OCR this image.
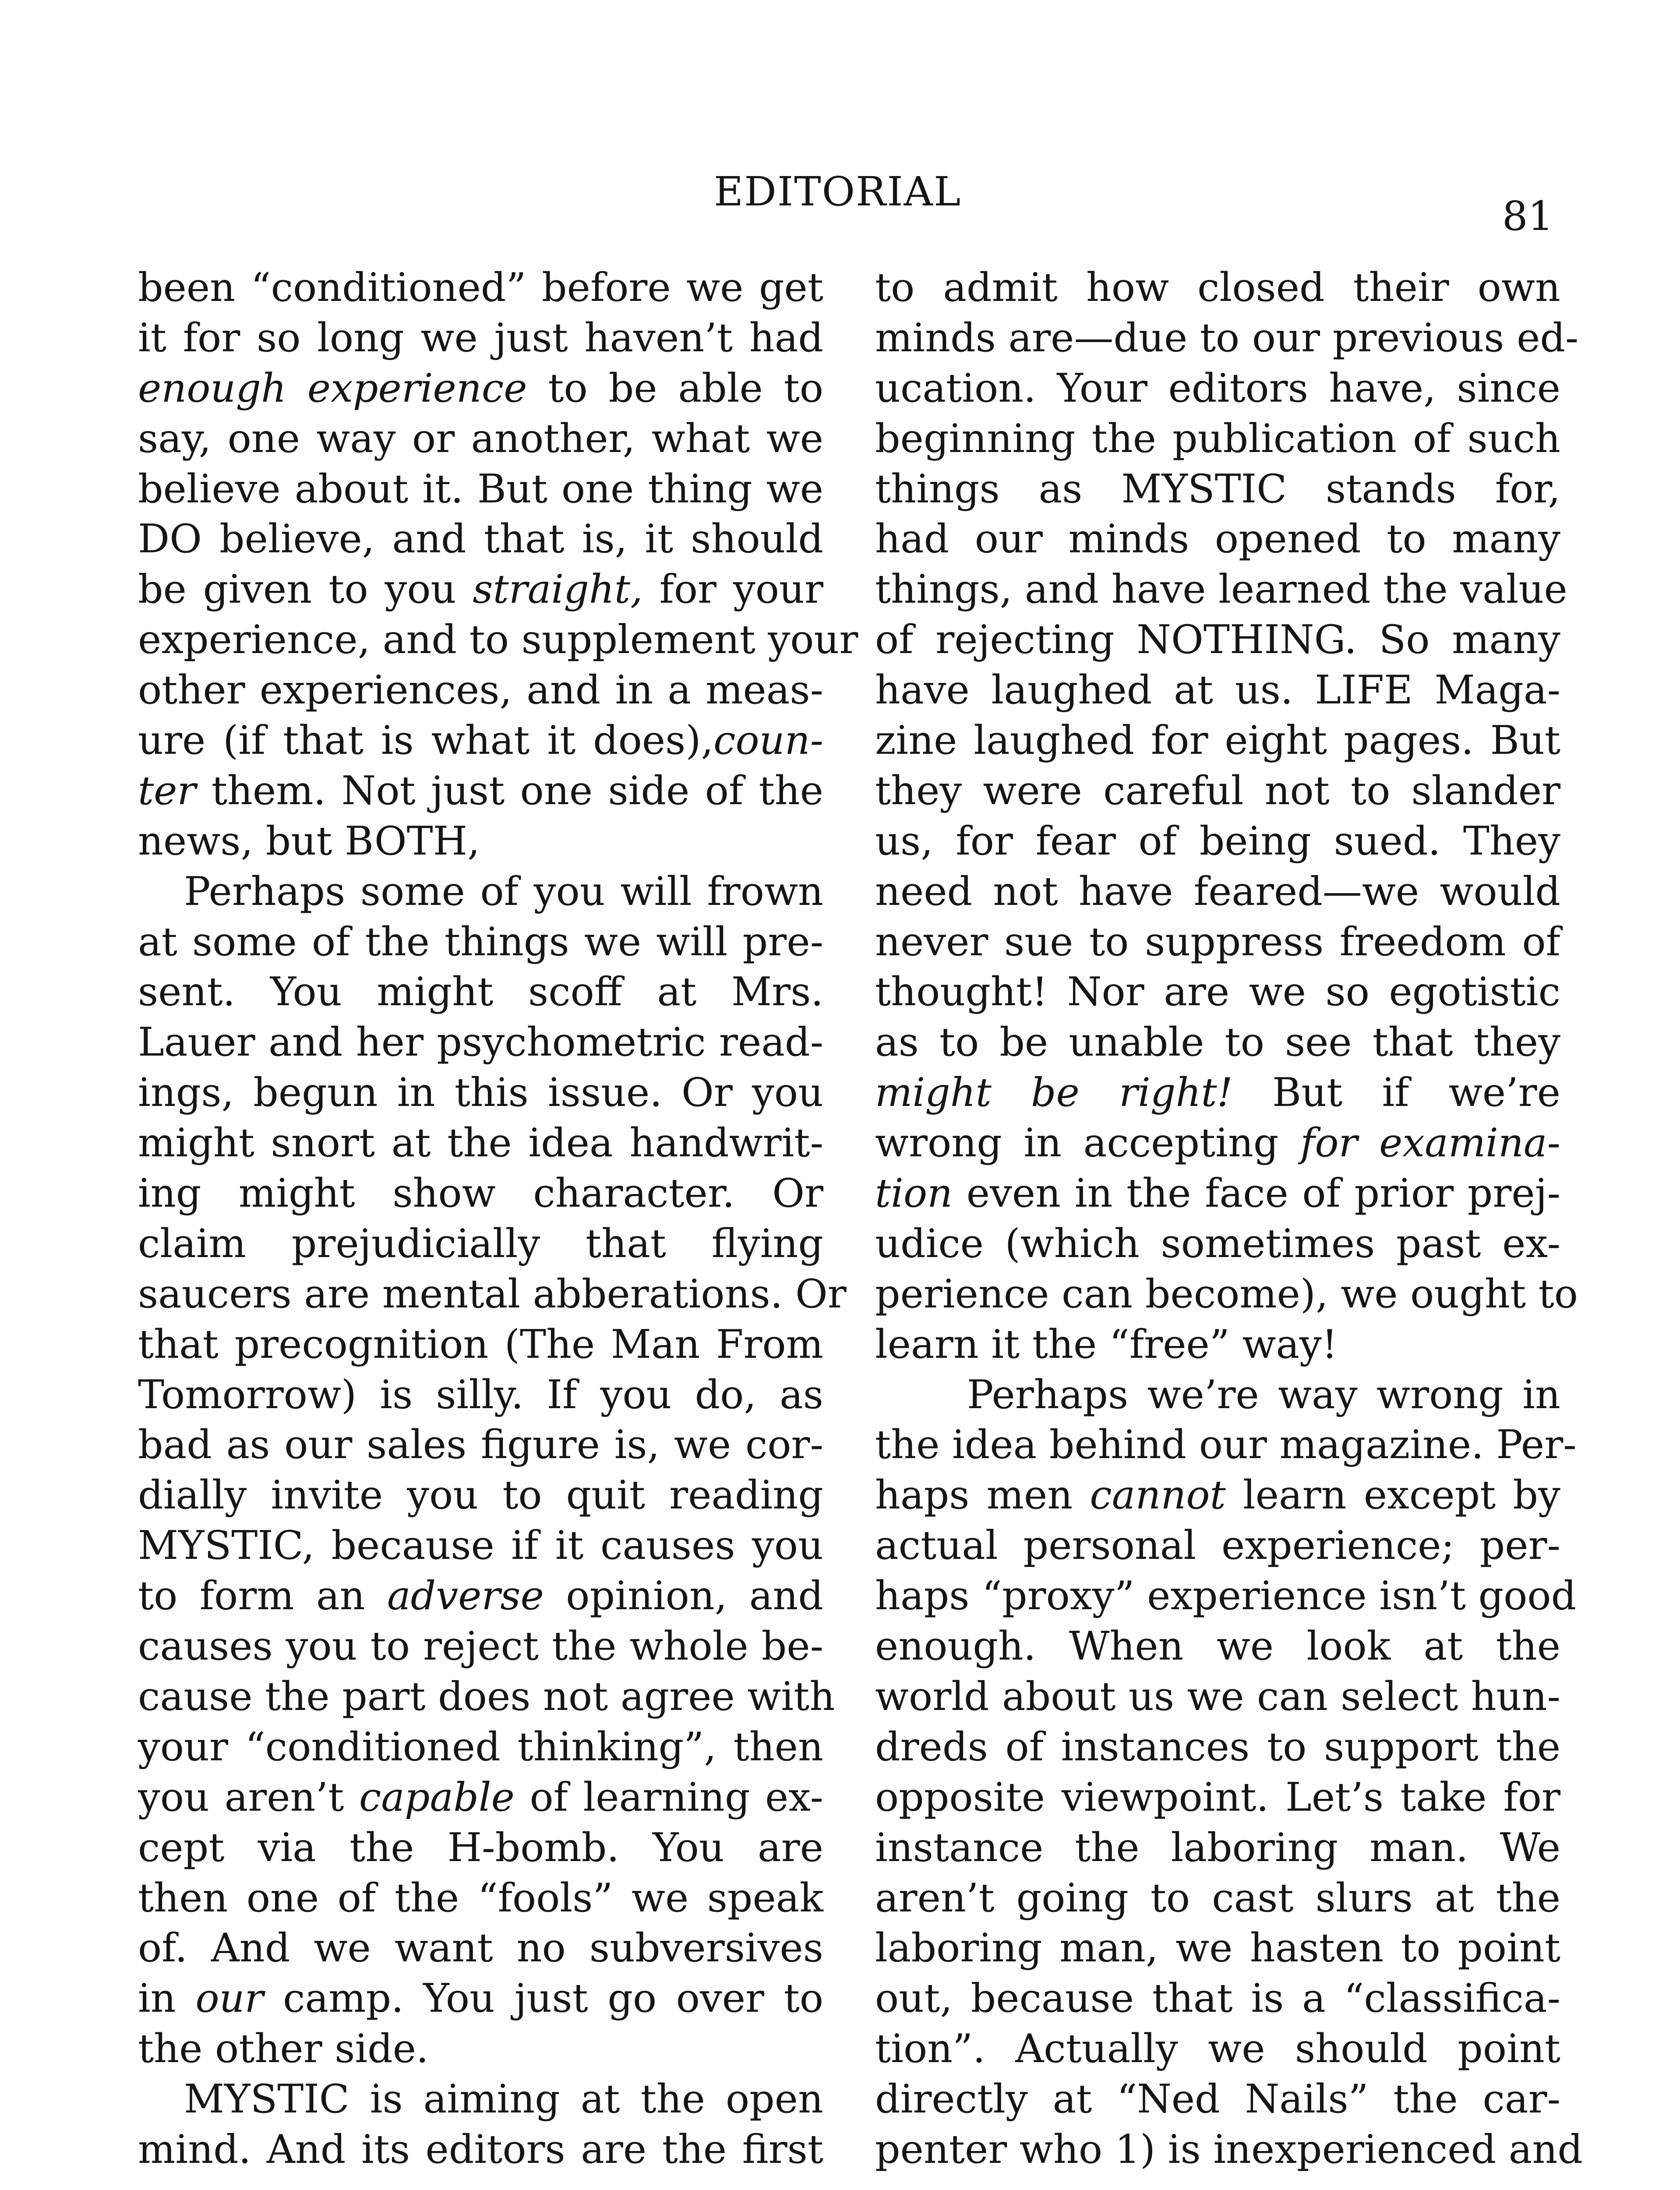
EDITORIAL
81
been “conditioned” before we get
it for so long we just haven’t had
enough experience to be able to
say, one way or another, what we
believe about it. But one thing we
DO believe, and that is, it should
be given to you straight, for your
experience, and to supplement your
other experiences, and in a meas-
ure (if that is what it does),coun-
ter them. Not just one side of the
news, but BOTH,
Perhaps some of you will frown
at some of the things we will pre-
sent. You might scoff at Mrs.
Lauer and her psychometric read-
ings, begun in this issue. Or you
might snort at the idea handwrit-
ing might show character. Or
claim prejudicially that flying
saucers are mental abberations. Or
that precognition (The Man From
Tomorrow) is silly. If you do, as
bad as our sales figure is, we cor-
dially invite you to quit reading
MYSTIC, because if it causes you
to form an adverse opinion, and
causes you to reject the whole be-
cause the part does not agree with
your “conditioned thinking”, then
you aren’t capable of learning ex-
cept via the H-bomb. You are
then one of the “fools” we speak
of. And we want no subversives
in our camp. You just go over to
the other side.
MYSTIC is aiming at the open
mind. And its editors are the first
to admit how closed their own
minds are—due to our previous ed-
ucation. Your editors have, since
beginning the publication of such
things as MYSTIC stands for,
had our minds opened to many
things, and have learned the value
of rejecting NOTHING. So many
have laughed at us. LIFE Maga-
zine laughed for eight pages. But
they were careful not to slander
us, for fear of being sued. They
need not have feared—we would
never sue to suppress freedom of
thought! Nor are we so egotistic
as to be unable to see that they
might be right! But if we’re
wrong in accepting for examina-
tion even in the face of prior prej-
udice (which sometimes past ex-
perience can become), we ought to
learn it the “free” way!
Perhaps we’re way wrong in
the idea behind our magazine. Per-
haps men cannot learn except by
actual personal experience; per-
haps “proxy” experience isn’t good
enough. When we look at the
world about us we can select hun-
dreds of instances to support the
opposite viewpoint. Let’s take for
instance the laboring man. We
aren’t going to cast slurs at the
laboring man, we hasten to point
out, because that is a “classifica-
tion”. Actually we should point
directly at “Ned Nails” the car-
penter who 1) is inexperienced and
